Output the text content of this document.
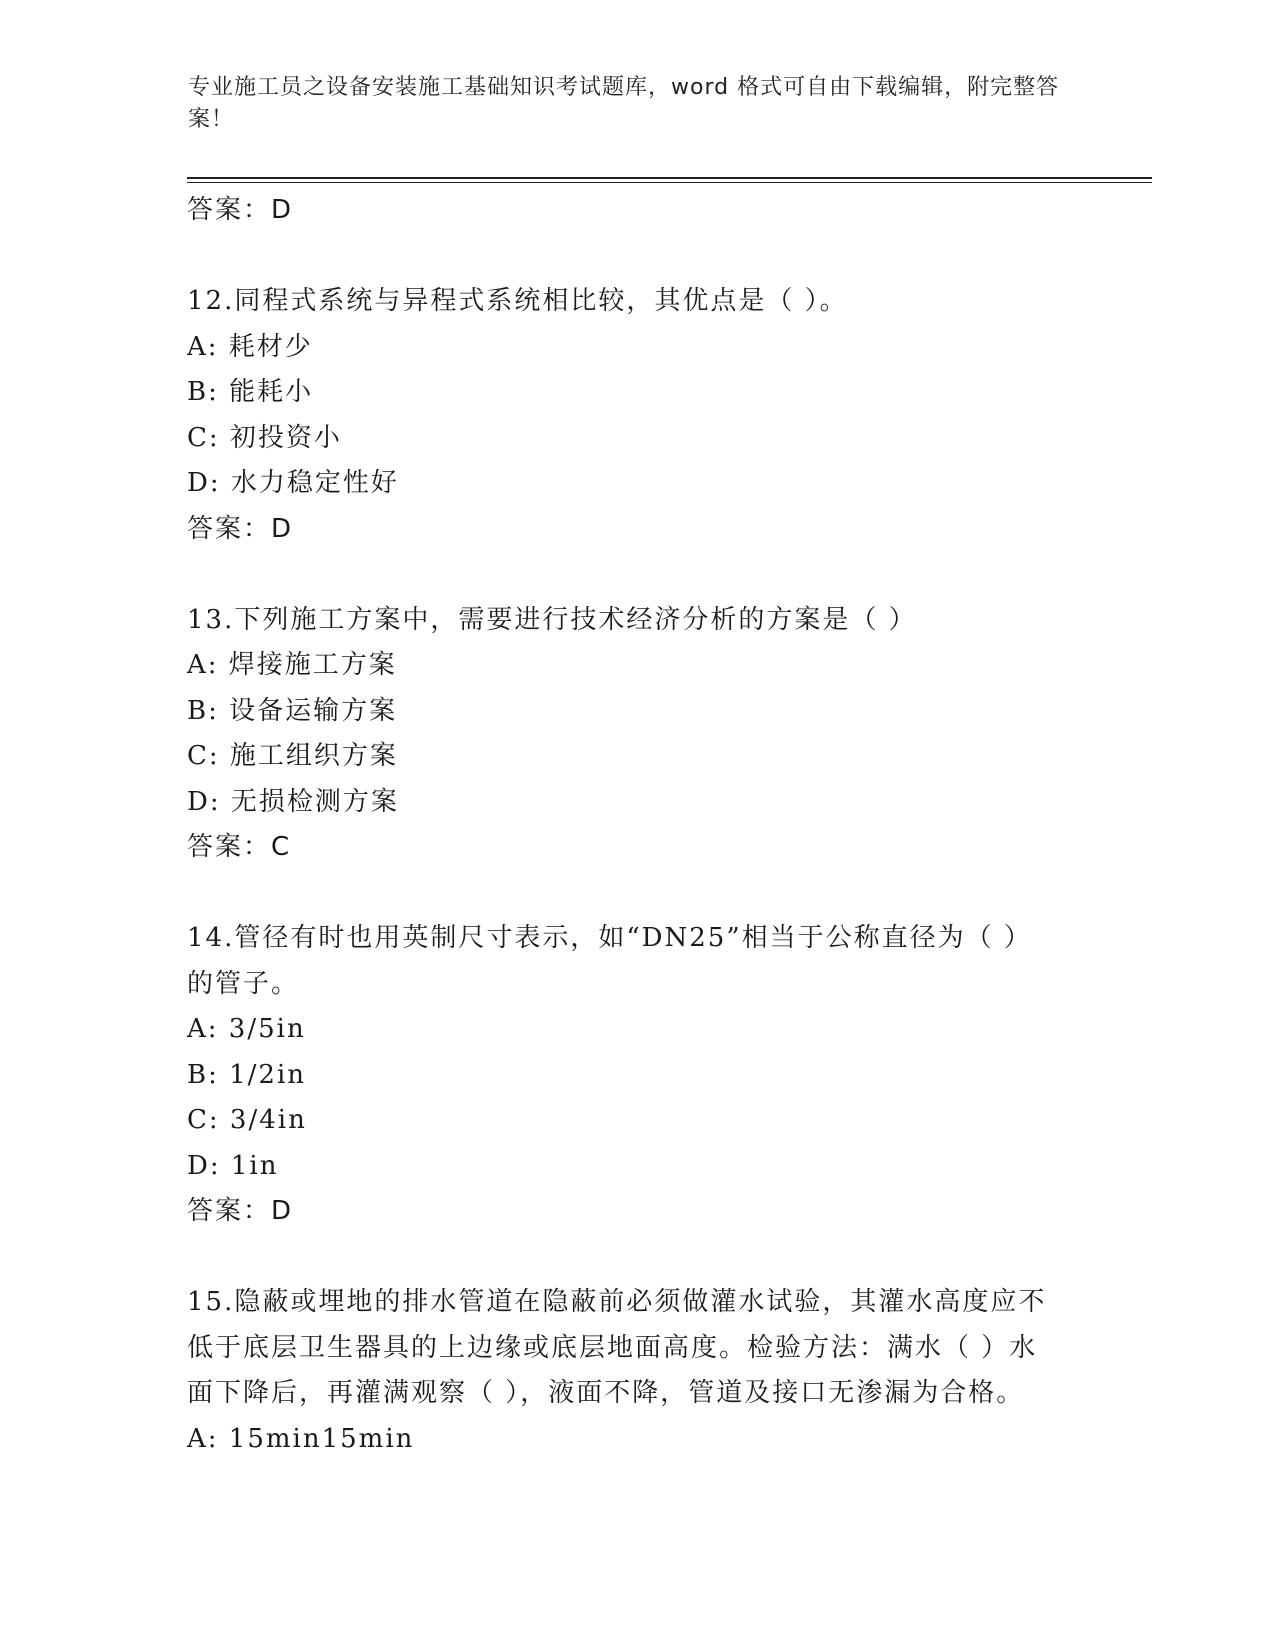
专业施工员之设备安装施工基础知识考试题库，word 格式可自由下载编辑，附完整答案！
答案：D
12.同程式系统与异程式系统相比较，其优点是（ ）。
A: 耗材少
B: 能耗小
C: 初投资小
D: 水力稳定性好
答案：D
13.下列施工方案中，需要进行技术经济分析的方案是（ ）
A: 焊接施工方案
B: 设备运输方案
C: 施工组织方案
D: 无损检测方案
答案：C
14.管径有时也用英制尺寸表示，如“DN25”相当于公称直径为（ ）
的管子。
A: 3/5in
B: 1/2in
C: 3/4in
D: 1in
答案：D
15.隐蔽或埋地的排水管道在隐蔽前必须做灌水试验，其灌水高度应不
低于底层卫生器具的上边缘或底层地面高度。检验方法：满水（ ）水
面下降后，再灌满观察（ ），液面不降，管道及接口无渗漏为合格。
A: 15min15min
